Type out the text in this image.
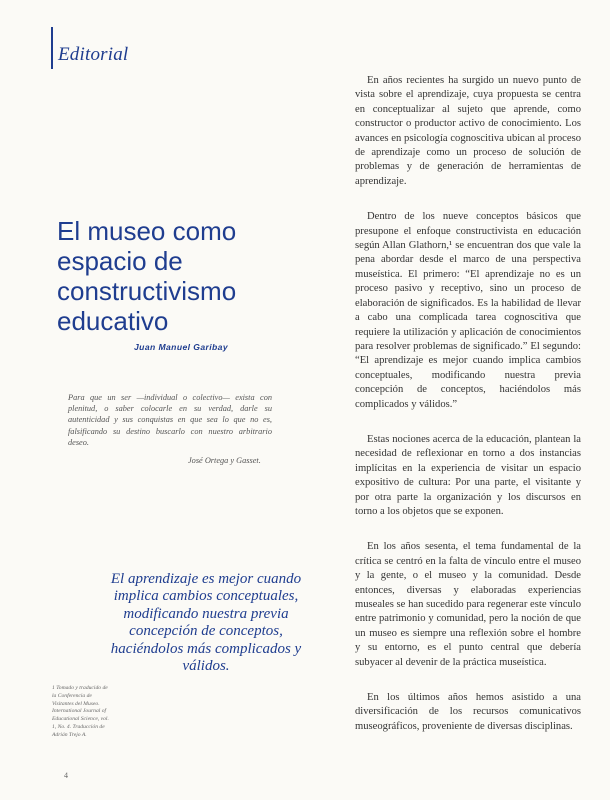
Editorial
El museo como espacio de constructivismo educativo
Juan Manuel Garibay
Para que un ser —individual o colectivo— exista con plenitud, o saber colocarle en su verdad, darle su autenticidad y sus conquistas en que sea lo que no es, falsificando su destino buscarlo con nuestro arbitrario deseo.
José Ortega y Gasset.
El aprendizaje es mejor cuando implica cambios conceptuales, modificando nuestra previa concepción de conceptos, haciéndolos más complicados y válidos.
1 Tomado y traducido de la Conferencia de Visitantes del Museo. International Journal of Educational Science, vol. 1, No. 4. Traducción de Adrián Trejo A.

En años recientes ha surgido un nuevo punto de vista sobre el aprendizaje, cuya propuesta se centra en conceptualizar al sujeto que aprende, como constructor o productor activo de conocimiento. Los avances en psicología cognoscitiva ubican al proceso de aprendizaje como un proceso de solución de problemas y de generación de herramientas de aprendizaje.

Dentro de los nueve conceptos básicos que presupone el enfoque constructivista en educación según Allan Glathorn,¹ se encuentran dos que vale la pena abordar desde el marco de una perspectiva museística. El primero: “El aprendizaje no es un proceso pasivo y receptivo, sino un proceso de elaboración de significados. Es la habilidad de llevar a cabo una complicada tarea cognoscitiva que requiere la utilización y aplicación de conocimientos para resolver problemas de significado.” El segundo: “El aprendizaje es mejor cuando implica cambios conceptuales, modificando nuestra previa concepción de conceptos, haciéndolos más complicados y válidos.”

Estas nociones acerca de la educación, plantean la necesidad de reflexionar en torno a dos instancias implícitas en la experiencia de visitar un espacio expositivo de cultura: Por una parte, el visitante y por otra parte la organización y los discursos en torno a los objetos que se exponen.

En los años sesenta, el tema fundamental de la crítica se centró en la falta de vínculo entre el museo y la gente, o el museo y la comunidad. Desde entonces, diversas y elaboradas experiencias museales se han sucedido para regenerar este vínculo entre patrimonio y comunidad, pero la noción de que un museo es siempre una reflexión sobre el hombre y su entorno, es el punto central que debería subyacer al devenir de la práctica museística.

En los últimos años hemos asistido a una diversificación de los recursos comunicativos museográficos, proveniente de diversas disciplinas.

4
